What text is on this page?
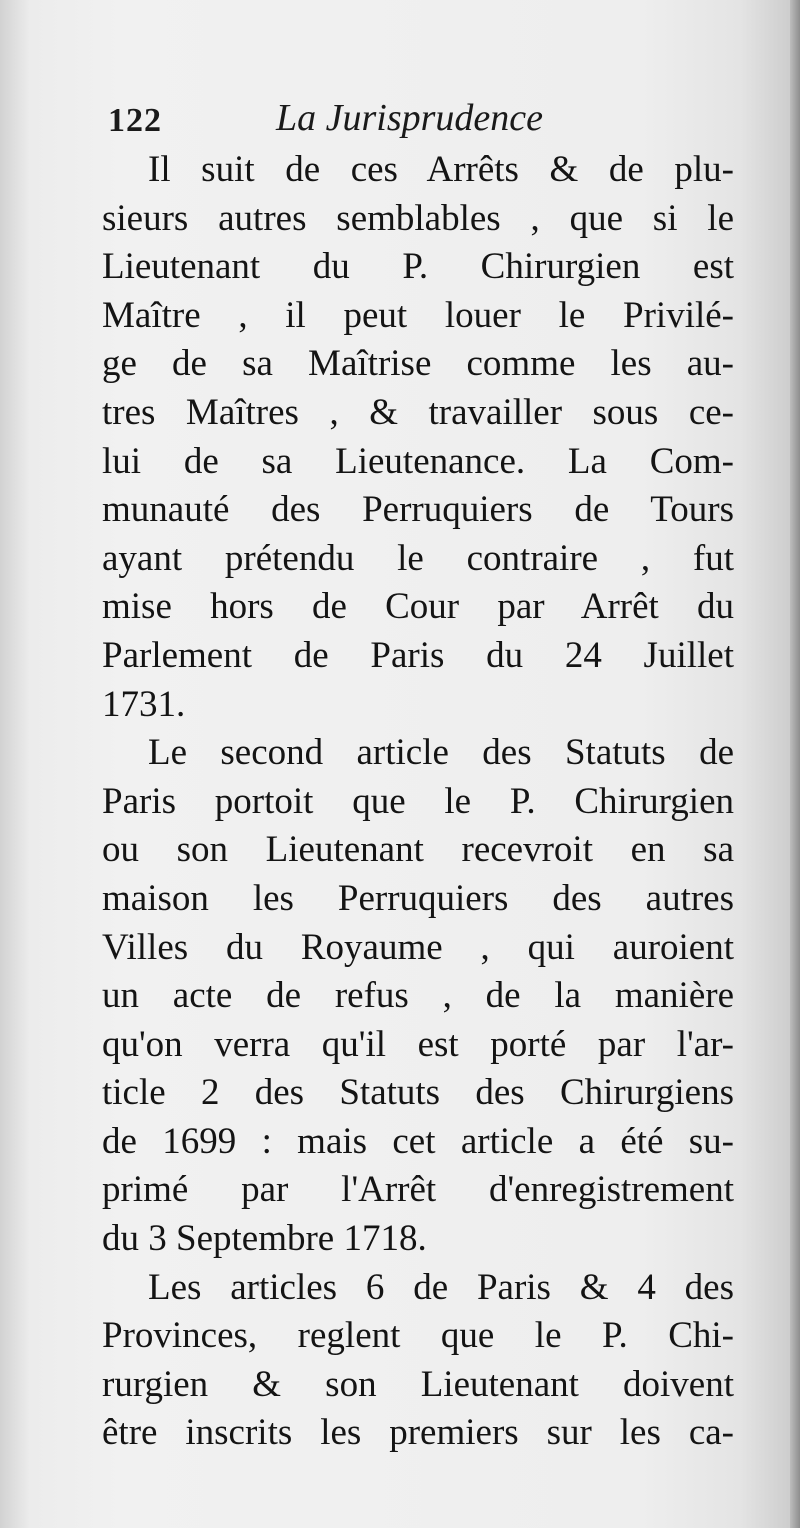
122	La Jurisprudence
Il suit de ces Arrêts & de plu-
sieurs autres semblables , que si le
Lieutenant du P. Chirurgien est
Maître , il peut louer le Privilé-
ge de sa Maîtrise comme les au-
tres Maîtres , & travailler sous ce-
lui de sa Lieutenance. La Com-
munauté des Perruquiers de Tours
ayant prétendu le contraire , fut
mise hors de Cour par Arrêt du
Parlement de Paris du 24 Juillet
1731.
Le second article des Statuts de
Paris portoit que le P. Chirurgien
ou son Lieutenant recevroit en sa
maison les Perruquiers des autres
Villes du Royaume , qui auroient
un acte de refus , de la manière
qu'on verra qu'il est porté par l'ar-
ticle 2 des Statuts des Chirurgiens
de 1699 : mais cet article a été su-
primé par l'Arrêt d'enregistrement
du 3 Septembre 1718.
Les articles 6 de Paris & 4 des
Provinces, reglent que le P. Chi-
rurgien & son Lieutenant doivent
être inscrits les premiers sur les ca-
